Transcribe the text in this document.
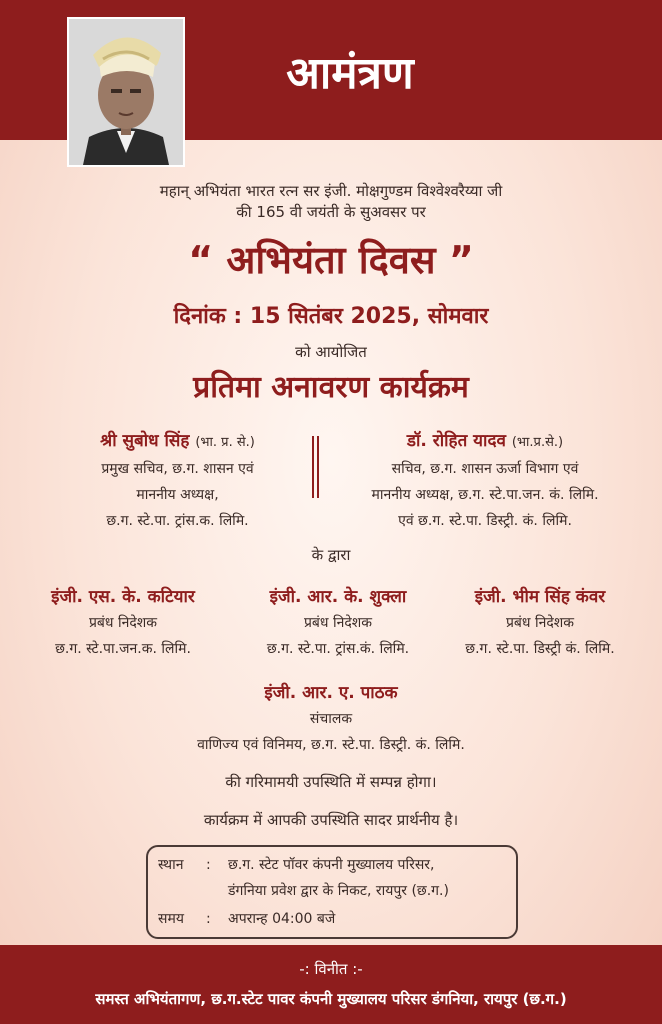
आमंत्रण
महान् अभियंता भारत रत्न सर इंजी. मोक्षगुण्डम विश्वेश्वरैय्या जी
की 165 वी जयंती के सुअवसर पर
“ अभियंता दिवस ”
दिनांक : 15 सितंबर 2025, सोमवार
को आयोजित
प्रतिमा अनावरण कार्यक्रम
श्री सुबोध सिंह (भा. प्र. से.)
प्रमुख सचिव, छ.ग. शासन एवं
माननीय अध्यक्ष,
छ.ग. स्टे.पा. ट्रांस.क. लिमि.
डॉ. रोहित यादव (भा.प्र.से.)
सचिव, छ.ग. शासन ऊर्जा विभाग एवं
माननीय अध्यक्ष, छ.ग. स्टे.पा.जन. कं. लिमि.
एवं छ.ग. स्टे.पा. डिस्ट्री. कं. लिमि.
के द्वारा
इंजी. एस. के. कटियार
प्रबंध निदेशक
छ.ग. स्टे.पा.जन.क. लिमि.
इंजी. आर. के. शुक्ला
प्रबंध निदेशक
छ.ग. स्टे.पा. ट्रांस.कं. लिमि.
इंजी. भीम सिंह कंवर
प्रबंध निदेशक
छ.ग. स्टे.पा. डिस्ट्री कं. लिमि.
इंजी. आर. ए. पाठक
संचालक
वाणिज्य एवं विनिमय, छ.ग. स्टे.पा. डिस्ट्री. कं. लिमि.
की गरिमामयी उपस्थिति में सम्पन्न होगा।
कार्यक्रम में आपकी उपस्थिति सादर प्रार्थनीय है।
स्थान : छ.ग. स्टेट पॉवर कंपनी मुख्यालय परिसर,
डंगनिया प्रवेश द्वार के निकट, रायपुर (छ.ग.)
समय : अपरान्ह 04:00 बजे
-: विनीत :-
समस्त अभियंतागण, छ.ग.स्टेट पावर कंपनी मुख्यालय परिसर डंगनिया, रायपुर (छ.ग.)
